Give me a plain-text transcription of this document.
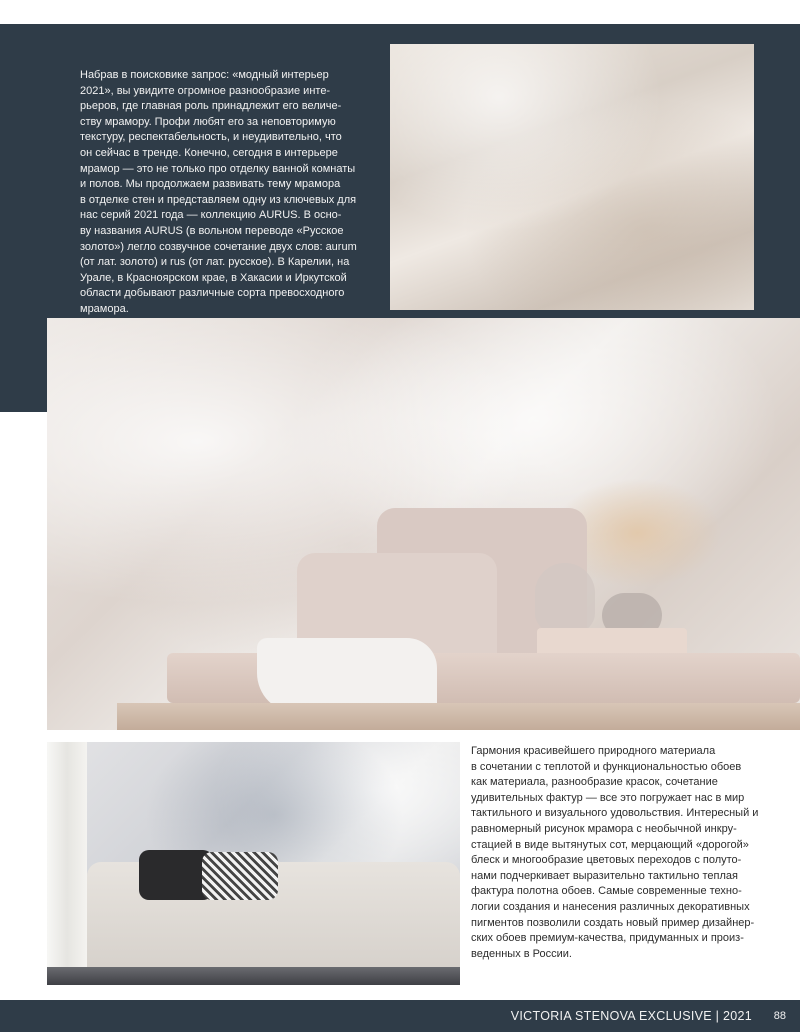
Набрав в поисковике запрос: «модный интерьер
2021», вы увидите огромное разнообразие инте-
рьеров, где главная роль принадлежит его величе-
ству мрамору. Профи любят его за неповторимую
текстуру, респектабельность, и неудивительно, что
он сейчас в тренде. Конечно, сегодня в интерьере
мрамор — это не только про отделку ванной комнаты
и полов. Мы продолжаем развивать тему мрамора
в отделке стен и представляем одну из ключевых для
нас серий 2021 года — коллекцию AURUS. В осно-
ву названия AURUS (в вольном переводе «Русское
золото») легло созвучное сочетание двух слов: aurum
(от лат. золото) и rus (от лат. русское). В Карелии, на
Урале, в Красноярском крае, в Хакасии и Иркутской
области добывают различные сорта превосходного
мрамора.

Гармония красивейшего природного материала
в сочетании с теплотой и функциональностью обоев
как материала, разнообразие красок, сочетание
удивительных фактур — все это погружает нас в мир
тактильного и визуального удовольствия. Интересный и
равномерный рисунок мрамора с необычной инкру-
стацией в виде вытянутых сот, мерцающий «дорогой»
блеск и многообразие цветовых переходов с полуто-
нами подчеркивает выразительно тактильно теплая
фактура полотна обоев. Самые современные техно-
логии создания и нанесения различных декоративных
пигментов позволили создать новый пример дизайнер-
ских обоев премиум-качества, придуманных и произ-
веденных в России.

VICTORIA STENOVA EXCLUSIVE | 2021 88
